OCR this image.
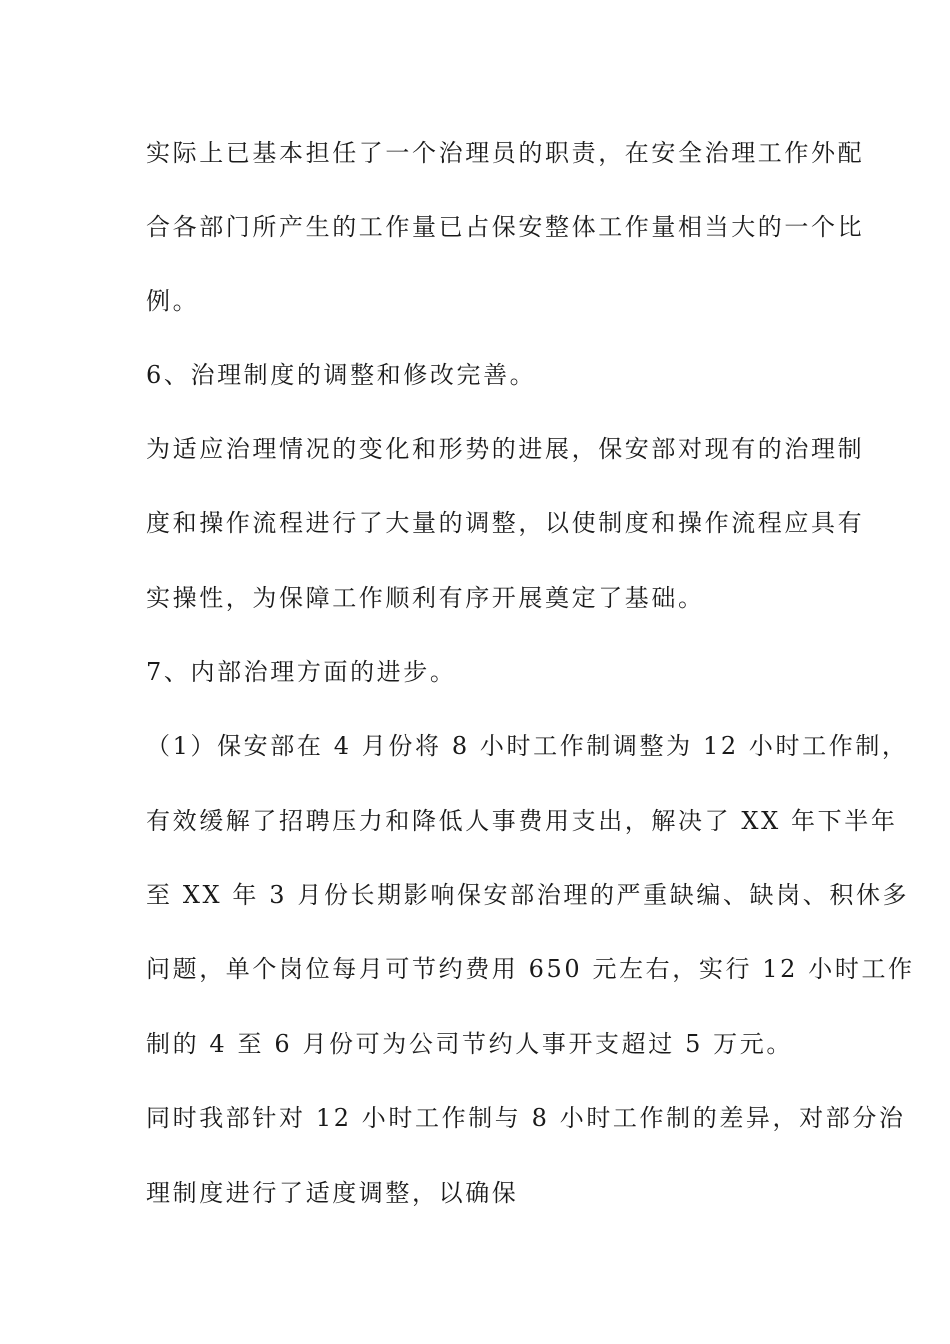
实际上已基本担任了一个治理员的职责，在安全治理工作外配
合各部门所产生的工作量已占保安整体工作量相当大的一个比
例。
6、治理制度的调整和修改完善。
为适应治理情况的变化和形势的进展，保安部对现有的治理制
度和操作流程进行了大量的调整，以使制度和操作流程应具有
实操性，为保障工作顺利有序开展奠定了基础。
7、内部治理方面的进步。
（1）保安部在 4 月份将 8 小时工作制调整为 12 小时工作制，
有效缓解了招聘压力和降低人事费用支出，解决了 XX 年下半年
至 XX 年 3 月份长期影响保安部治理的严重缺编、缺岗、积休多
问题，单个岗位每月可节约费用 650 元左右，实行 12 小时工作
制的 4 至 6 月份可为公司节约人事开支超过 5 万元。
同时我部针对 12 小时工作制与 8 小时工作制的差异，对部分治
理制度进行了适度调整，以确保
